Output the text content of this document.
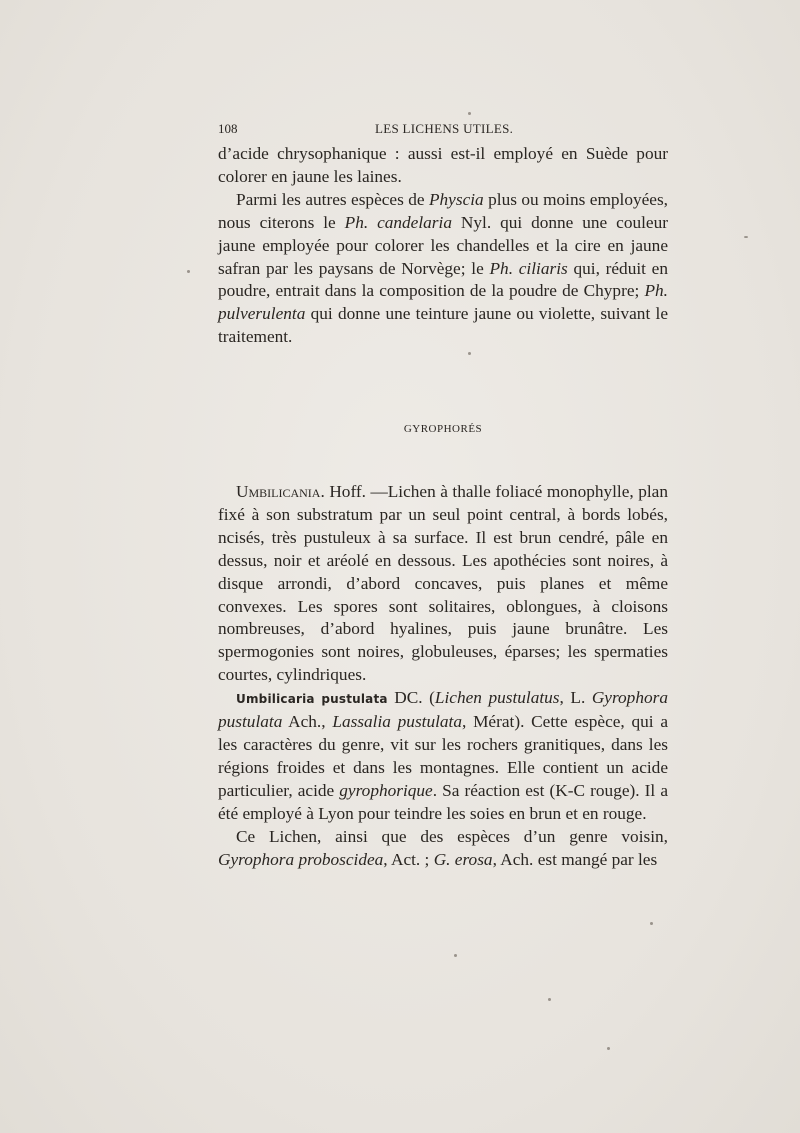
108	LES LICHENS UTILES.

d’acide chrysophanique : aussi est-il employé en Suède pour colorer en jaune les laines.

Parmi les autres espèces de Physcia plus ou moins employées, nous citerons le Ph. candelaria Nyl. qui donne une couleur jaune employée pour colorer les chandelles et la cire en jaune safran par les paysans de Norvège; le Ph. ciliaris qui, réduit en poudre, entrait dans la composition de la poudre de Chypre; Ph. pulverulenta qui donne une teinture jaune ou violette, suivant le traitement.

GYROPHORÉS

Umbilicania. Hoff. —Lichen à thalle foliacé monophylle, plan fixé à son substratum par un seul point central, à bords lobés, ncisés, très pustuleux à sa surface. Il est brun cendré, pâle en dessus, noir et aréolé en dessous. Les apothécies sont noires, à disque arrondi, d’abord concaves, puis planes et même convexes. Les spores sont solitaires, oblongues, à cloisons nombreuses, d’abord hyalines, puis jaune brunâtre. Les spermogonies sont noires, globuleuses, éparses; les spermaties courtes, cylindriques.

Umbilicaria pustulata DC. (Lichen pustulatus, L. Gyrophora pustulata Ach., Lassalia pustulata, Mérat). Cette espèce, qui a les caractères du genre, vit sur les rochers granitiques, dans les régions froides et dans les montagnes. Elle contient un acide particulier, acide gyrophorique. Sa réaction est (K-C rouge). Il a été employé à Lyon pour teindre les soies en brun et en rouge.

Ce Lichen, ainsi que des espèces d’un genre voisin, Gyrophora proboscidea, Act. ; G. erosa, Ach. est mangé par les
